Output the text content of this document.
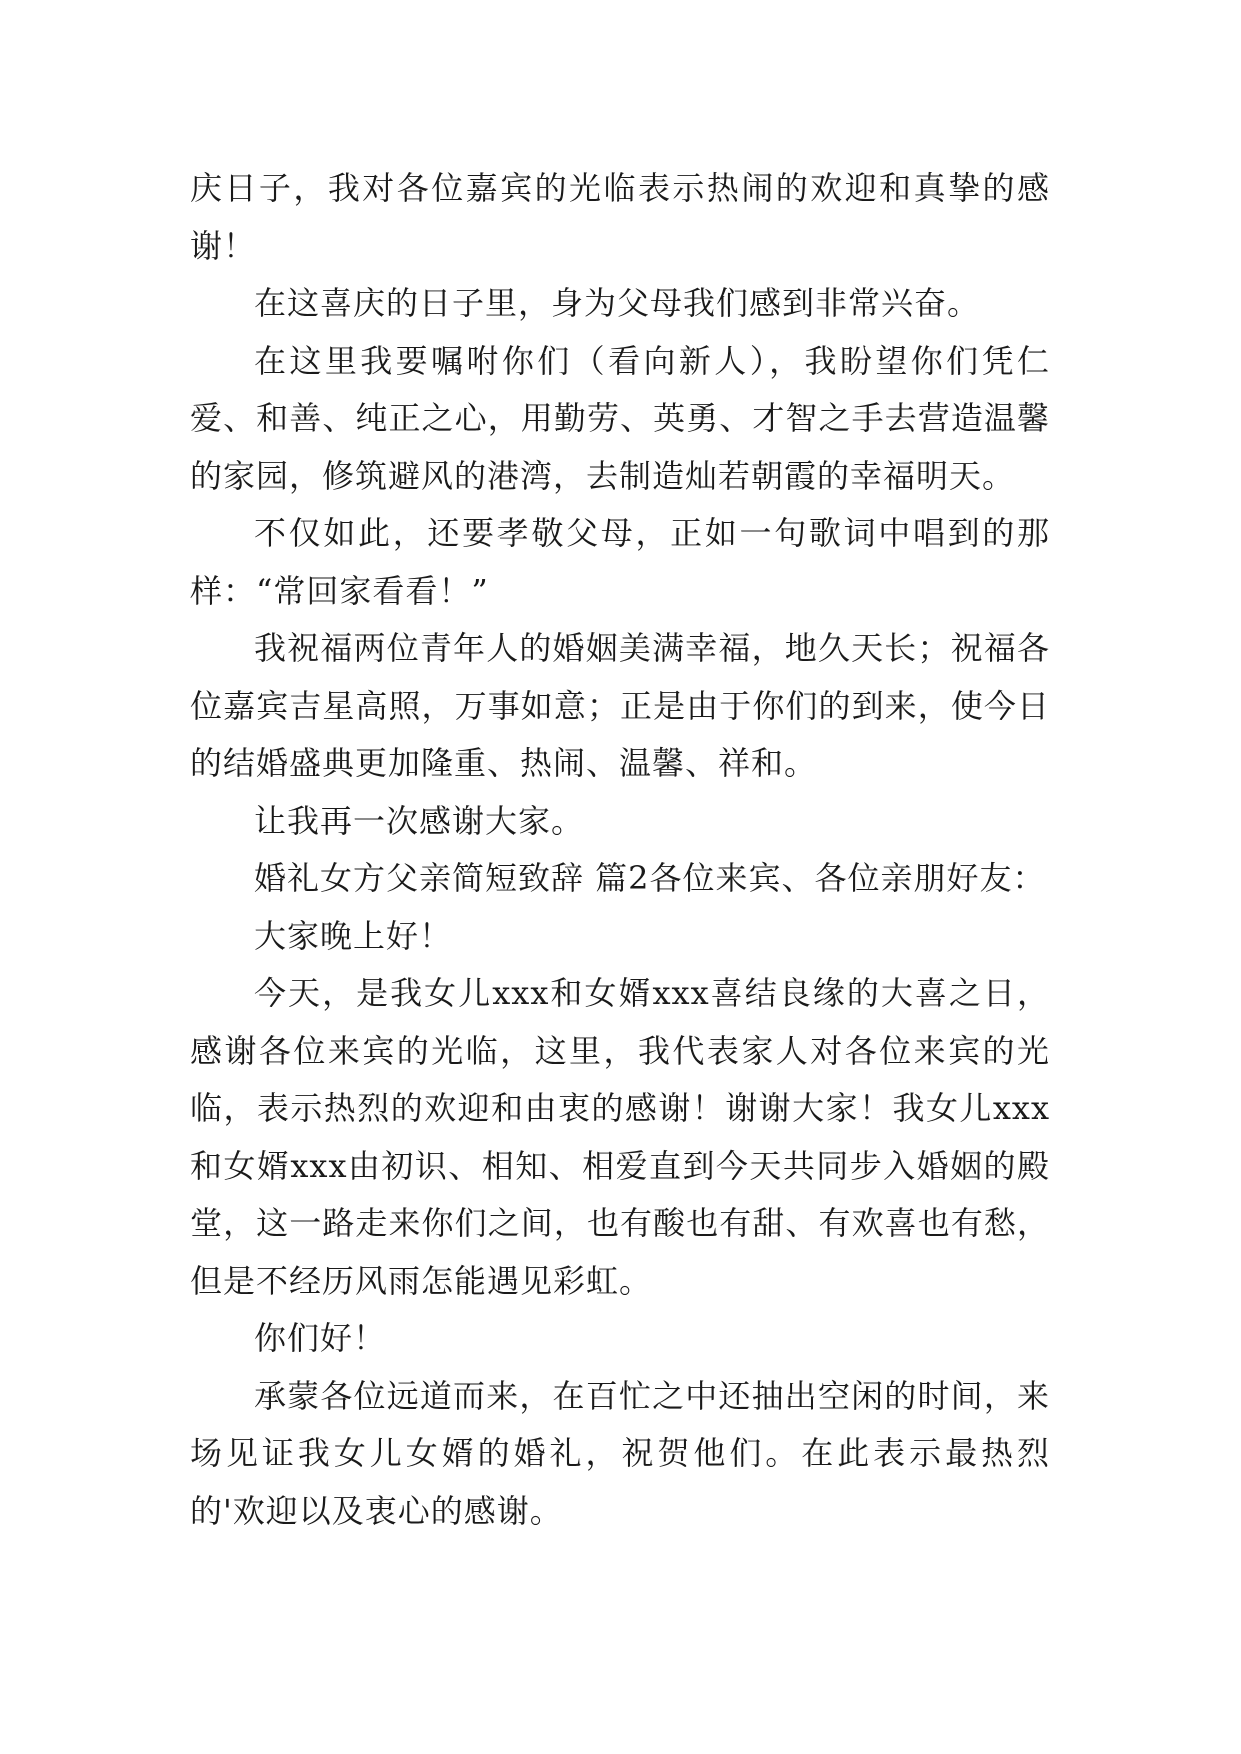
庆日子，我对各位嘉宾的光临表示热闹的欢迎和真挚的感谢！

在这喜庆的日子里，身为父母我们感到非常兴奋。

在这里我要嘱咐你们（看向新人），我盼望你们凭仁爱、和善、纯正之心，用勤劳、英勇、才智之手去营造温馨的家园，修筑避风的港湾，去制造灿若朝霞的幸福明天。

不仅如此，还要孝敬父母，正如一句歌词中唱到的那样：“常回家看看！”

我祝福两位青年人的婚姻美满幸福，地久天长；祝福各位嘉宾吉星高照，万事如意；正是由于你们的到来，使今日的结婚盛典更加隆重、热闹、温馨、祥和。

让我再一次感谢大家。

婚礼女方父亲简短致辞 篇2各位来宾、各位亲朋好友：

大家晚上好！

今天，是我女儿xxx和女婿xxx喜结良缘的大喜之日，感谢各位来宾的光临，这里，我代表家人对各位来宾的光临，表示热烈的欢迎和由衷的感谢！谢谢大家！我女儿xxx和女婿xxx由初识、相知、相爱直到今天共同步入婚姻的殿堂，这一路走来你们之间，也有酸也有甜、有欢喜也有愁，但是不经历风雨怎能遇见彩虹。

你们好！

承蒙各位远道而来，在百忙之中还抽出空闲的时间，来场见证我女儿女婿的婚礼，祝贺他们。在此表示最热烈的'欢迎以及衷心的感谢。
